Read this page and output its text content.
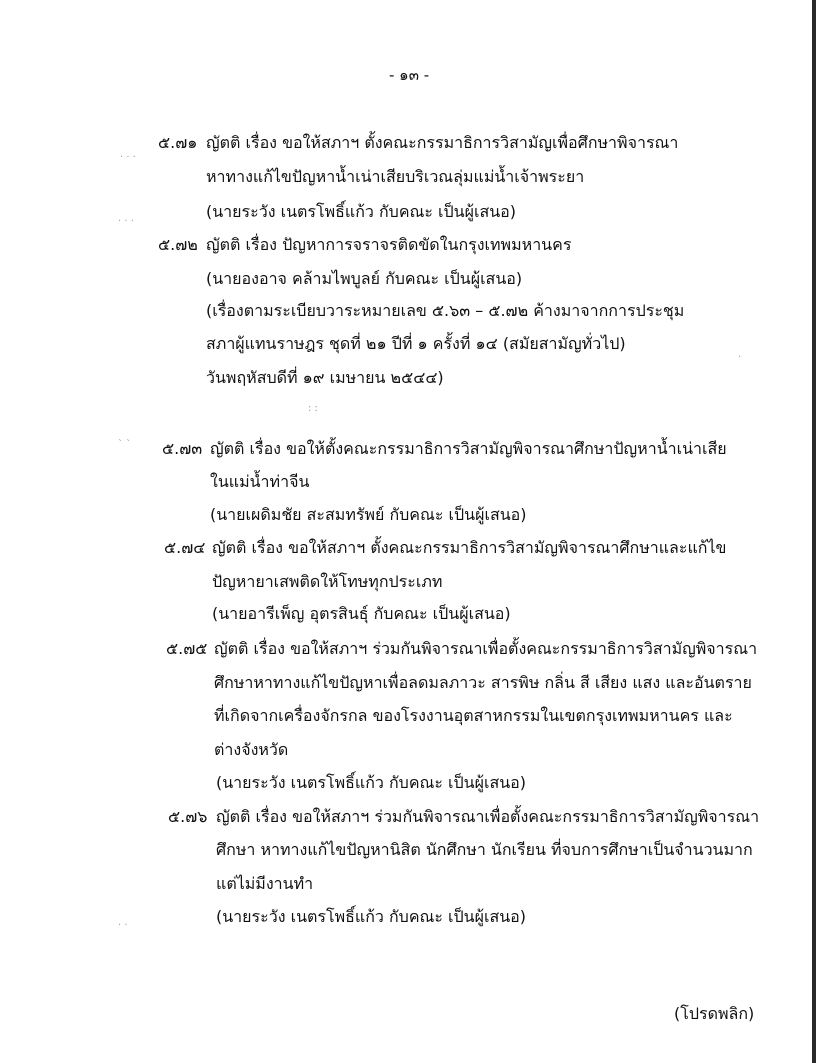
- ๑๓ -
๕.๗๑ ญัตติ เรื่อง ขอให้สภาฯ ตั้งคณะกรรมาธิการวิสามัญเพื่อศึกษาพิจารณา
หาทางแก้ไขปัญหาน้ำเน่าเสียบริเวณลุ่มแม่น้ำเจ้าพระยา
(นายระวัง เนตรโพธิ์แก้ว กับคณะ เป็นผู้เสนอ)
๕.๗๒ ญัตติ เรื่อง ปัญหาการจราจรติดขัดในกรุงเทพมหานคร
(นายองอาจ คล้ามไพบูลย์ กับคณะ เป็นผู้เสนอ)
(เรื่องตามระเบียบวาระหมายเลข ๕.๖๓ – ๕.๗๒ ค้างมาจากการประชุม
สภาผู้แทนราษฎร ชุดที่ ๒๑ ปีที่ ๑ ครั้งที่ ๑๔ (สมัยสามัญทั่วไป)
วันพฤหัสบดีที่ ๑๙ เมษายน ๒๕๔๔)
๕.๗๓ ญัตติ เรื่อง ขอให้ตั้งคณะกรรมาธิการวิสามัญพิจารณาศึกษาปัญหาน้ำเน่าเสีย
ในแม่น้ำท่าจีน
(นายเผดิมชัย สะสมทรัพย์ กับคณะ เป็นผู้เสนอ)
๕.๗๔ ญัตติ เรื่อง ขอให้สภาฯ ตั้งคณะกรรมาธิการวิสามัญพิจารณาศึกษาและแก้ไข
ปัญหายาเสพติดให้โทษทุกประเภท
(นายอารีเพ็ญ อุตรสินธุ์ กับคณะ เป็นผู้เสนอ)
๕.๗๕ ญัตติ เรื่อง ขอให้สภาฯ ร่วมกันพิจารณาเพื่อตั้งคณะกรรมาธิการวิสามัญพิจารณา
ศึกษาหาทางแก้ไขปัญหาเพื่อลดมลภาวะ สารพิษ กลิ่น สี เสียง แสง และอันตราย
ที่เกิดจากเครื่องจักรกล ของโรงงานอุตสาหกรรมในเขตกรุงเทพมหานคร และ
ต่างจังหวัด
(นายระวัง เนตรโพธิ์แก้ว กับคณะ เป็นผู้เสนอ)
๕.๗๖ ญัตติ เรื่อง ขอให้สภาฯ ร่วมกันพิจารณาเพื่อตั้งคณะกรรมาธิการวิสามัญพิจารณา
ศึกษา หาทางแก้ไขปัญหานิสิต นักศึกษา นักเรียน ที่จบการศึกษาเป็นจำนวนมาก
แต่ไม่มีงานทำ
(นายระวัง เนตรโพธิ์แก้ว กับคณะ เป็นผู้เสนอ)
(โปรดพลิก)
. . .
. . .
` `
.
: :
. .
